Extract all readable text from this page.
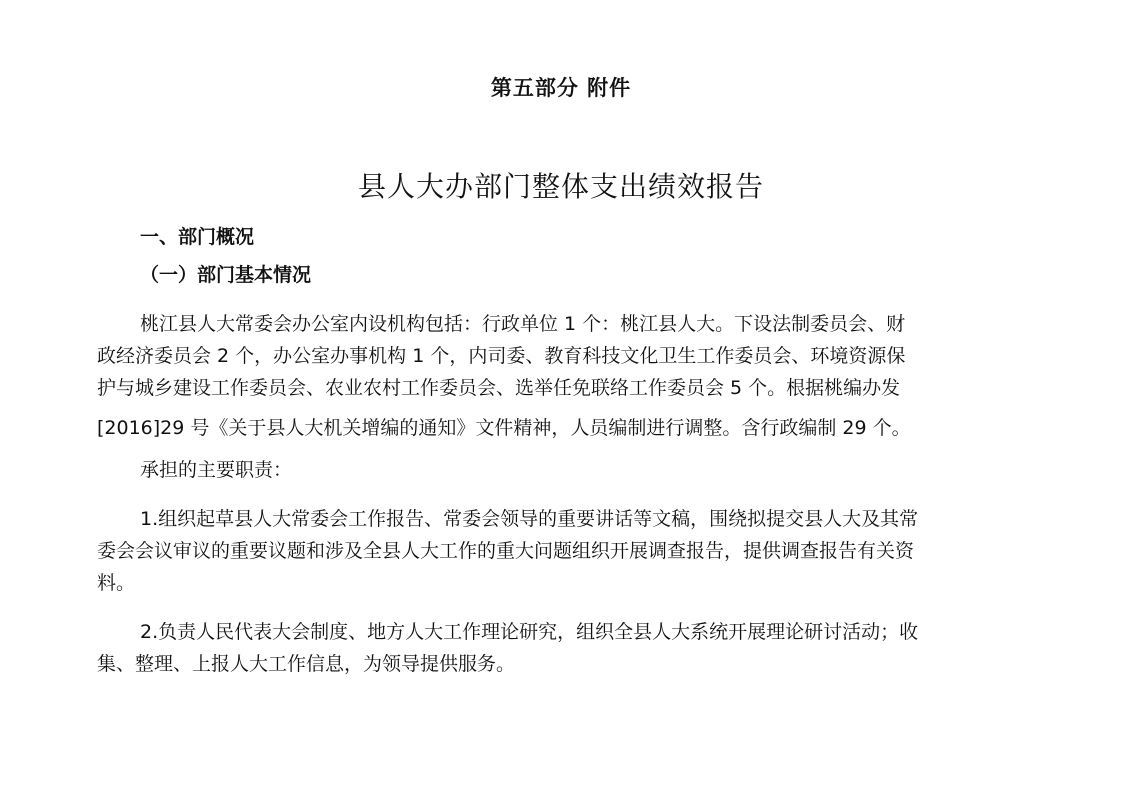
第五部分 附件
县人大办部门整体支出绩效报告
一、部门概况
（一）部门基本情况
桃江县人大常委会办公室内设机构包括：行政单位 1 个：桃江县人大。下设法制委员会、财
政经济委员会 2 个，办公室办事机构 1 个，内司委、教育科技文化卫生工作委员会、环境资源保
护与城乡建设工作委员会、农业农村工作委员会、选举任免联络工作委员会 5 个。根据桃编办发
[2016]29 号《关于县人大机关增编的通知》文件精神，人员编制进行调整。含行政编制 29 个。
承担的主要职责：
1.组织起草县人大常委会工作报告、常委会领导的重要讲话等文稿，围绕拟提交县人大及其常
委会会议审议的重要议题和涉及全县人大工作的重大问题组织开展调查报告，提供调查报告有关资
料。
2.负责人民代表大会制度、地方人大工作理论研究，组织全县人大系统开展理论研讨活动；收
集、整理、上报人大工作信息，为领导提供服务。
